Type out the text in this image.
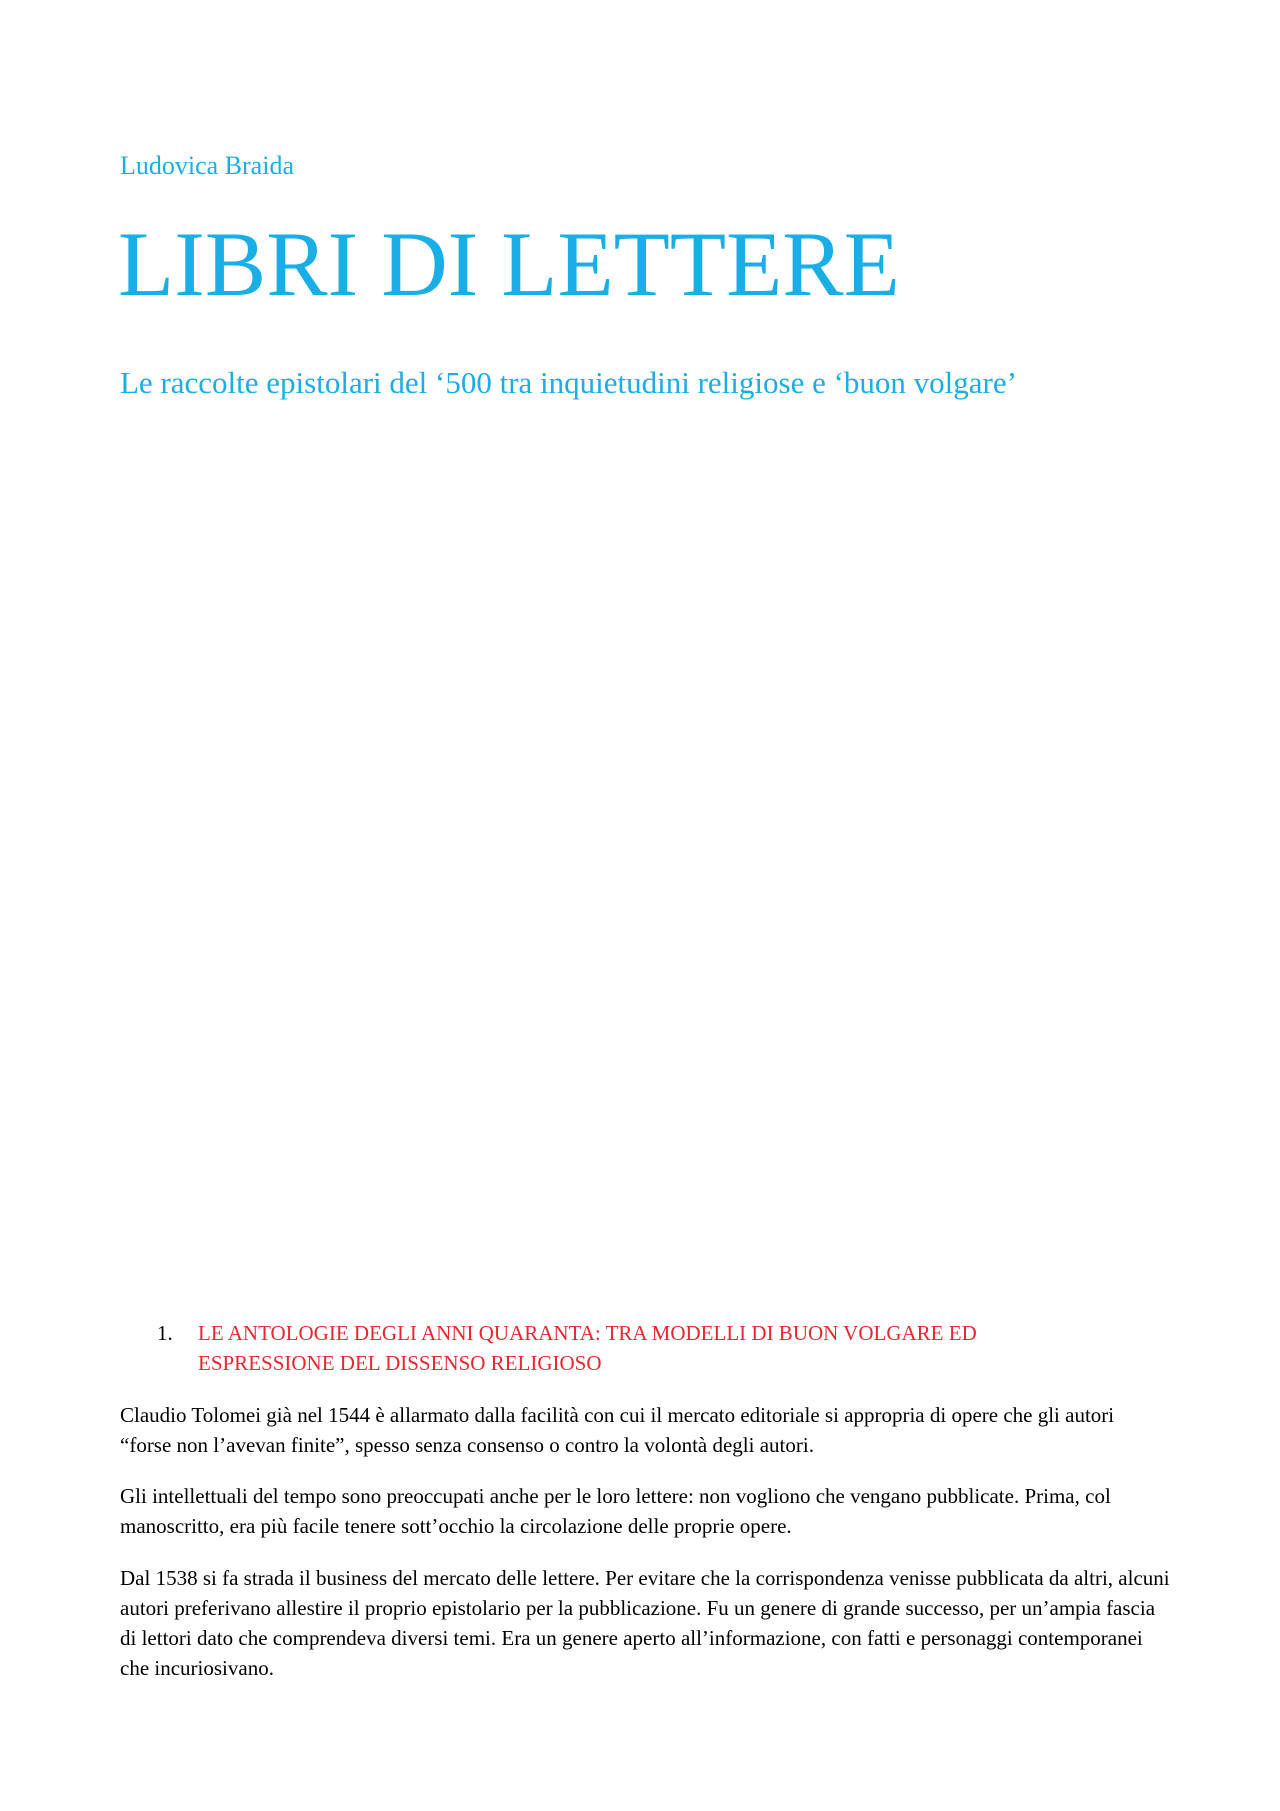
Ludovica Braida
LIBRI DI LETTERE
Le raccolte epistolari del ‘500 tra inquietudini religiose e ‘buon volgare’
1. LE ANTOLOGIE DEGLI ANNI QUARANTA: TRA MODELLI DI BUON VOLGARE ED ESPRESSIONE DEL DISSENSO RELIGIOSO
Claudio Tolomei già nel 1544 è allarmato dalla facilità con cui il mercato editoriale si appropria di opere che gli autori “forse non l’avevan finite”, spesso senza consenso o contro la volontà degli autori.
Gli intellettuali del tempo sono preoccupati anche per le loro lettere: non vogliono che vengano pubblicate. Prima, col manoscritto, era più facile tenere sott’occhio la circolazione delle proprie opere.
Dal 1538 si fa strada il business del mercato delle lettere. Per evitare che la corrispondenza venisse pubblicata da altri, alcuni autori preferivano allestire il proprio epistolario per la pubblicazione. Fu un genere di grande successo, per un’ampia fascia di lettori dato che comprendeva diversi temi. Era un genere aperto all’informazione, con fatti e personaggi contemporanei che incuriosivano.
